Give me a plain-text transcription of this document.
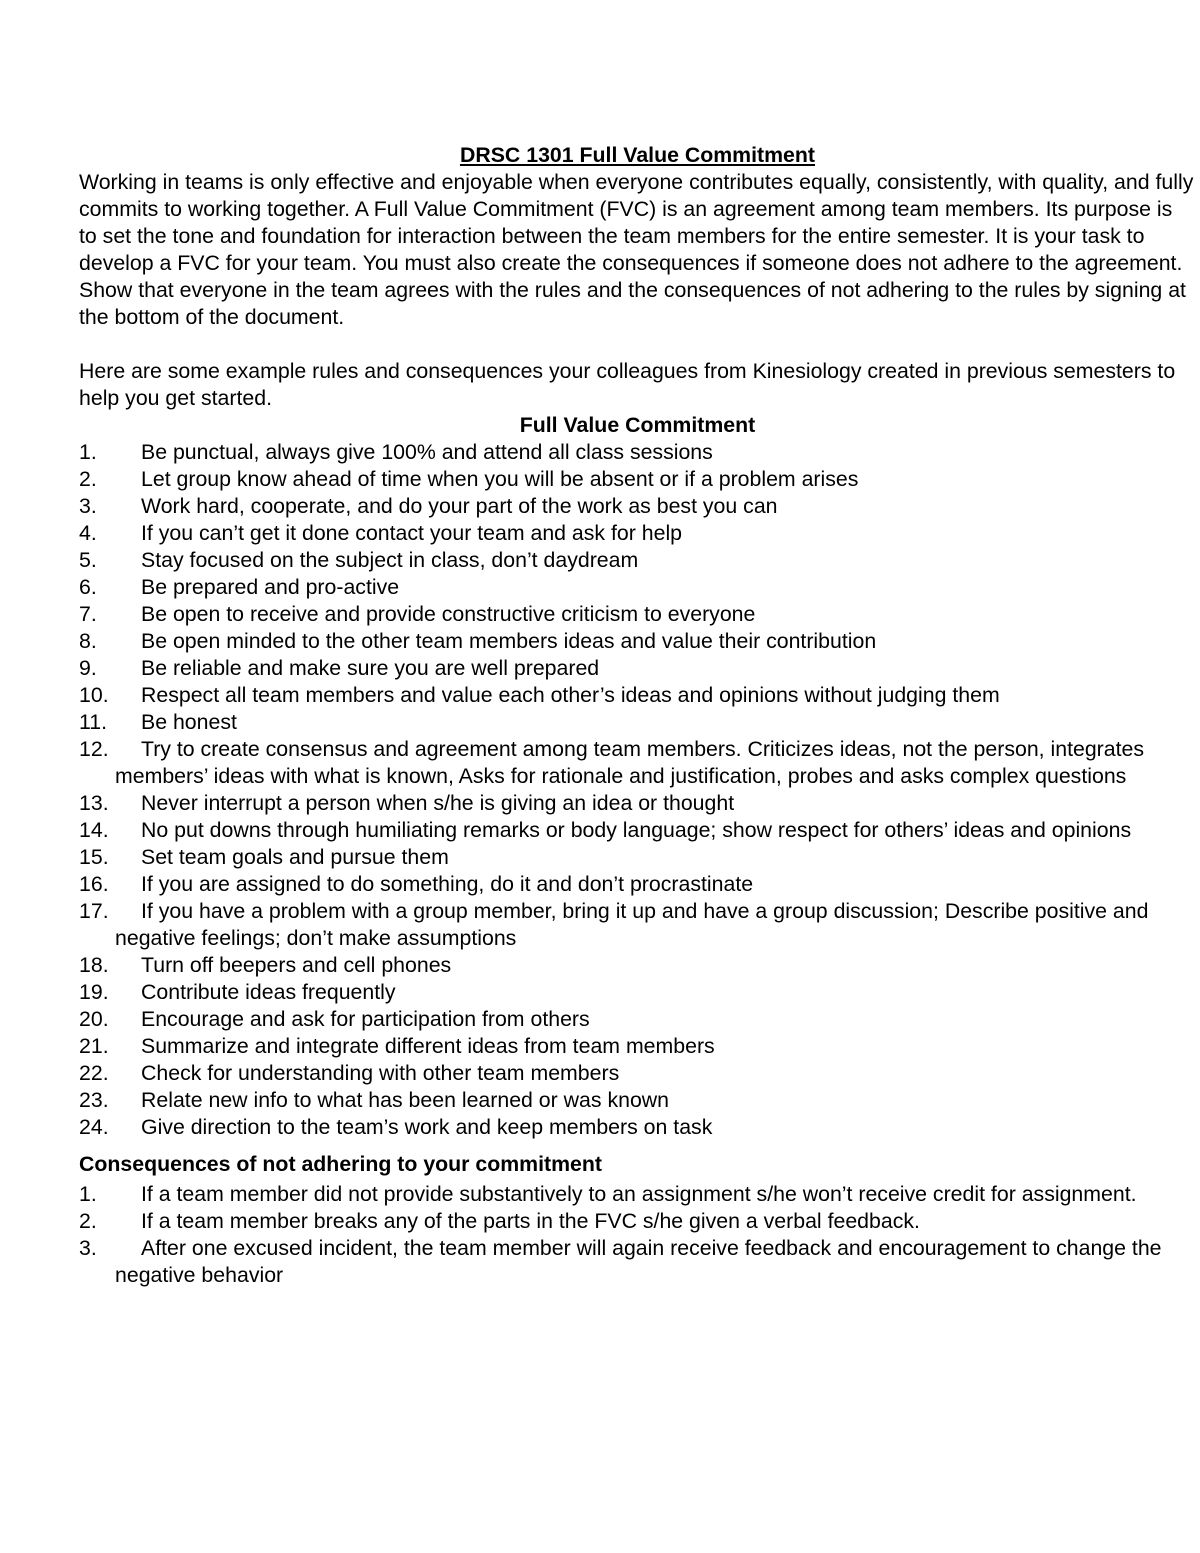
DRSC 1301 Full Value Commitment

Working in teams is only effective and enjoyable when everyone contributes equally, consistently, with quality, and fully commits to working together. A Full Value Commitment (FVC) is an agreement among team members. Its purpose is to set the tone and foundation for interaction between the team members for the entire semester. It is your task to develop a FVC for your team. You must also create the consequences if someone does not adhere to the agreement. Show that everyone in the team agrees with the rules and the consequences of not adhering to the rules by signing at the bottom of the document.

Here are some example rules and consequences your colleagues from Kinesiology created in previous semesters to help you get started.

Full Value Commitment

1. Be punctual, always give 100% and attend all class sessions
2. Let group know ahead of time when you will be absent or if a problem arises
3. Work hard, cooperate, and do your part of the work as best you can
4. If you can’t get it done contact your team and ask for help
5. Stay focused on the subject in class, don’t daydream
6. Be prepared and pro-active
7. Be open to receive and provide constructive criticism to everyone
8. Be open minded to the other team members ideas and value their contribution
9. Be reliable and make sure you are well prepared
10. Respect all team members and value each other’s ideas and opinions without judging them
11. Be honest
12. Try to create consensus and agreement among team members. Criticizes ideas, not the person, integrates members’ ideas with what is known, Asks for rationale and justification, probes and asks complex questions
13. Never interrupt a person when s/he is giving an idea or thought
14. No put downs through humiliating remarks or body language; show respect for others’ ideas and opinions
15. Set team goals and pursue them
16. If you are assigned to do something, do it and don’t procrastinate
17. If you have a problem with a group member, bring it up and have a group discussion; Describe positive and negative feelings; don’t make assumptions
18. Turn off beepers and cell phones
19. Contribute ideas frequently
20. Encourage and ask for participation from others
21. Summarize and integrate different ideas from team members
22. Check for understanding with other team members
23. Relate new info to what has been learned or was known
24. Give direction to the team’s work and keep members on task

Consequences of not adhering to your commitment

1. If a team member did not provide substantively to an assignment s/he won’t receive credit for assignment.
2. If a team member breaks any of the parts in the FVC s/he given a verbal feedback.
3. After one excused incident, the team member will again receive feedback and encouragement to change the negative behavior
